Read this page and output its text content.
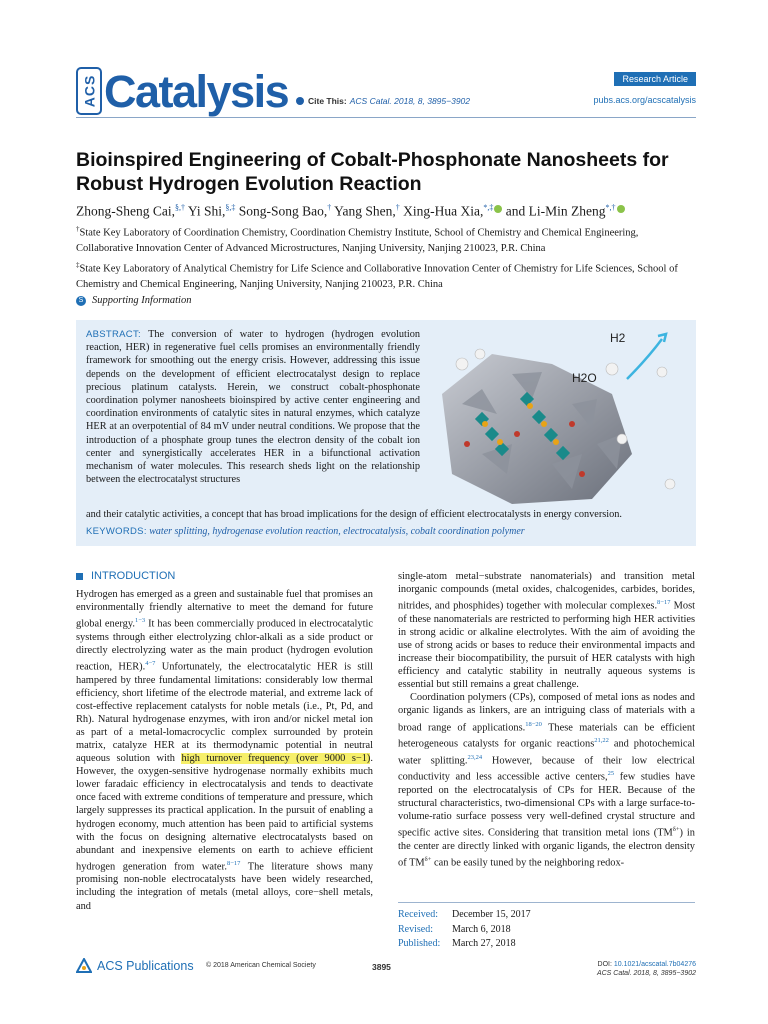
ACS Catalysis Cite This: ACS Catal. 2018, 8, 3895−3902
Research Article
pubs.acs.org/acscatalysis
Bioinspired Engineering of Cobalt-Phosphonate Nanosheets for Robust Hydrogen Evolution Reaction
Zhong-Sheng Cai,§,† Yi Shi,§,‡ Song-Song Bao,† Yang Shen,† Xing-Hua Xia,*,‡ and Li-Min Zheng*,†
†State Key Laboratory of Coordination Chemistry, Coordination Chemistry Institute, School of Chemistry and Chemical Engineering, Collaborative Innovation Center of Advanced Microstructures, Nanjing University, Nanjing 210023, P.R. China
‡State Key Laboratory of Analytical Chemistry for Life Science and Collaborative Innovation Center of Chemistry for Life Sciences, School of Chemistry and Chemical Engineering, Nanjing University, Nanjing 210023, P.R. China
S Supporting Information
ABSTRACT: The conversion of water to hydrogen (hydrogen evolution reaction, HER) in regenerative fuel cells promises an environmentally friendly framework for smoothing out the energy crisis. However, addressing this issue depends on the development of efficient electrocatalyst design to replace precious platinum catalysts. Herein, we construct cobalt-phosphonate coordination polymer nanosheets bioinspired by active center engineering and coordination environments of catalytic sites in natural enzymes, which catalyze HER at an overpotential of 84 mV under neutral conditions. We propose that the introduction of a phosphate group tunes the electron density of the cobalt ion center and synergistically accelerates HER in a bifunctional activation mechanism of water molecules. This research sheds light on the relationship between the electrocatalyst structures
H2
H2O
and their catalytic activities, a concept that has broad implications for the design of efficient electrocatalysts in energy conversion.
KEYWORDS: water splitting, hydrogenase evolution reaction, electrocatalysis, cobalt coordination polymer
INTRODUCTION

Hydrogen has emerged as a green and sustainable fuel that promises an environmentally friendly alternative to meet the demand for future global energy.$^{1-3}$ It has been commercially produced in electrocatalytic systems through either electrolyzing chlor-alkali as a side product or directly electrolyzing water as the main product (hydrogen evolution reaction, HER).$^{4-7}$ Unfortunately, the electrocatalytic HER is still hampered by three fundamental limitations: considerably low thermal efficiency, short lifetime of the electrode material, and extreme lack of cost-effective replacement catalysts for noble metals (i.e., Pt, Pd, and Rh). Natural hydrogenase enzymes, with iron and/or nickel metal ion as part of a metal-lomacrocyclic complex surrounded by protein matrix, catalyze HER at its thermodynamic potential in neutral aqueous solution with high turnover frequency (over 9000 s−1). However, the oxygen-sensitive hydrogenase normally exhibits much lower faradaic efficiency in electrocatalysis and tends to deactivate once faced with extreme conditions of temperature and pressure, which largely suppresses its practical application. In the pursuit of enabling a hydrogen economy, much attention has been paid to artificial systems with the focus on designing alternative electrocatalysts based on abundant and inexpensive elements on earth to achieve efficient hydrogen generation from water.$^{8-17}$ The literature shows many promising non-noble electrocatalysts have been widely researched, including the integration of metals (metal alloys, core−shell metals, and

single-atom metal−substrate nanomaterials) and transition metal inorganic compounds (metal oxides, chalcogenides, carbides, borides, nitrides, and phosphides) together with molecular complexes.$^{8-17}$ Most of these nanomaterials are restricted to performing high HER activities in strong acidic or alkaline electrolytes. With the aim of avoiding the use of strong acids or bases to reduce their environmental impacts and increase their biocompatibility, the pursuit of HER catalysts with high efficiency and catalytic stability in neutrally aqueous systems is essential but still remains a great challenge.

Coordination polymers (CPs), composed of metal ions as nodes and organic ligands as linkers, are an intriguing class of materials with a broad range of applications.$^{18-20}$ These materials can be efficient heterogeneous catalysts for organic reactions$^{21,22}$ and photochemical water splitting.$^{23,24}$ However, because of their low electrical conductivity and less accessible active centers,$^{25}$ few studies have reported on the electrocatalysis of CPs for HER. Because of the structural characteristics, two-dimensional CPs with a large surface-to-volume-ratio surface possess very well-defined crystal structure and specific active sites. Considering that transition metal ions $(TM^{\delta+})$ in the center are directly linked with organic ligands, the electron density of $TM^{\delta+}$ can be easily tuned by the neighboring redox-

Received:	December 15, 2017
Revised:	March 6, 2018
Published:	March 27, 2018
ACS Publications © 2018 American Chemical Society	3895	DOI: 10.1021/acscatal.7b04276
ACS Catal. 2018, 8, 3895−3902
